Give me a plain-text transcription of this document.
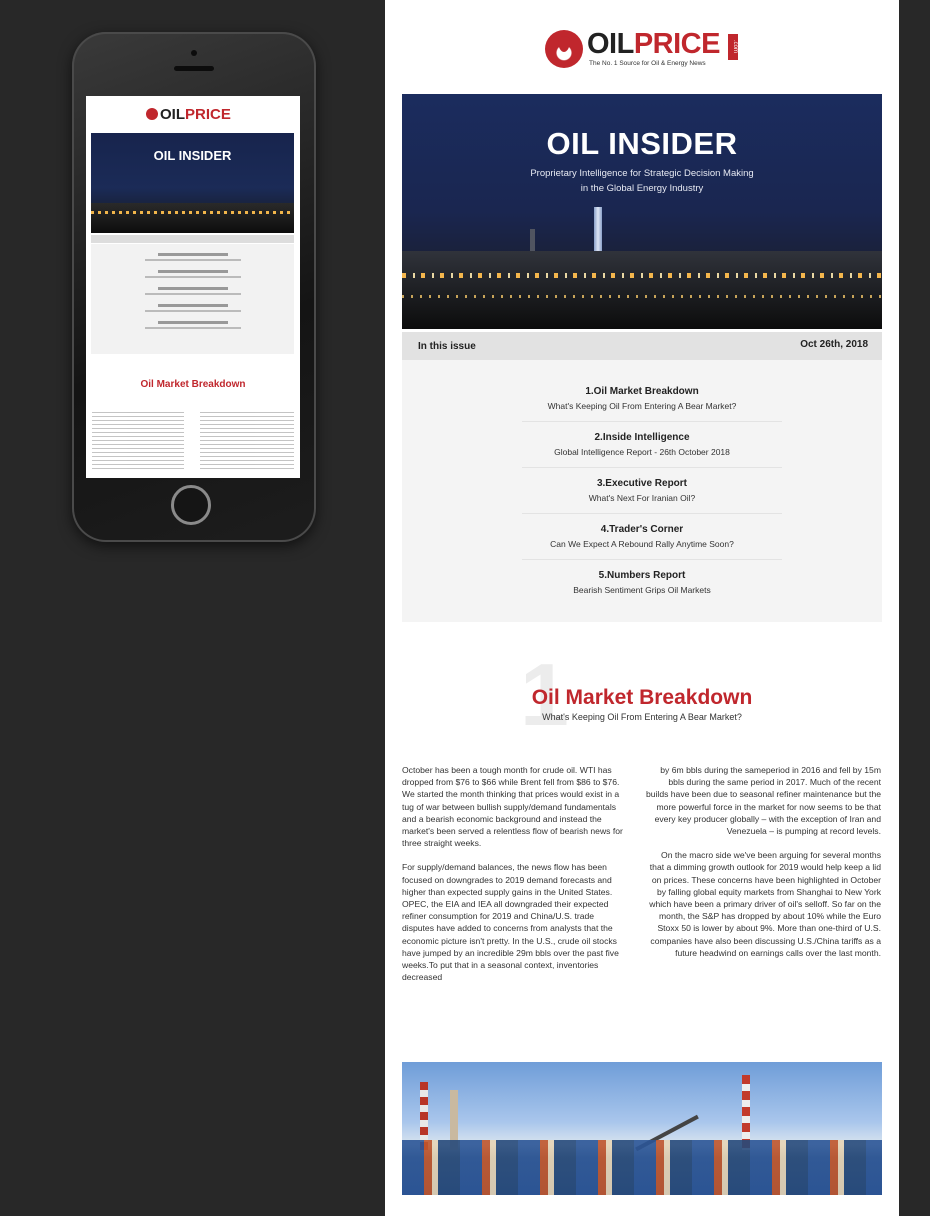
OILPRICE
OIL INSIDER
Oil Market Breakdown
OILPRICE	.com
The No. 1 Source for Oil & Energy News
OIL INSIDER
Proprietary Intelligence for Strategic Decision Making
in the Global Energy Industry
In this issue	Oct 26th, 2018
1.Oil Market Breakdown
What's Keeping Oil From Entering A Bear Market?
2.Inside Intelligence
Global Intelligence Report - 26th October 2018
3.Executive Report
What's Next For Iranian Oil?
4.Trader's Corner
Can We Expect A Rebound Rally Anytime Soon?
5.Numbers Report
Bearish Sentiment Grips Oil Markets
1
Oil Market Breakdown
What's Keeping Oil From Entering A Bear Market?

October has been a tough month for crude oil. WTI has dropped from $76 to $66 while Brent fell from $86 to $76. We started the month thinking that prices would exist in a tug of war between bullish supply/demand fundamentals and a bearish economic background and instead the market's been served a relentless flow of bearish news for three straight weeks.

For supply/demand balances, the news flow has been focused on downgrades to 2019 demand forecasts and higher than expected supply gains in the United States. OPEC, the EIA and IEA all downgraded their expected refiner consumption for 2019 and China/U.S. trade disputes have added to concerns from analysts that the economic picture isn't pretty. In the U.S., crude oil stocks have jumped by an incredible 29m bbls over the past five weeks.To put that in a seasonal context, inventories decreased

by 6m bbls during the sameperiod in 2016 and fell by 15m bbls during the same period in 2017. Much of the recent builds have been due to seasonal refiner maintenance but the more powerful force in the market for now seems to be that every key producer globally – with the exception of Iran and Venezuela – is pumping at record levels.

On the macro side we've been arguing for several months that a dimming growth outlook for 2019 would help keep a lid on prices. These concerns have been highlighted in October by falling global equity markets from Shanghai to New York which have been a primary driver of oil's selloff. So far on the month, the S&P has dropped by about 10% while the Euro Stoxx 50 is lower by about 9%. More than one-third of U.S. companies have also been discussing U.S./China tariffs as a future headwind on earnings calls over the last month.
